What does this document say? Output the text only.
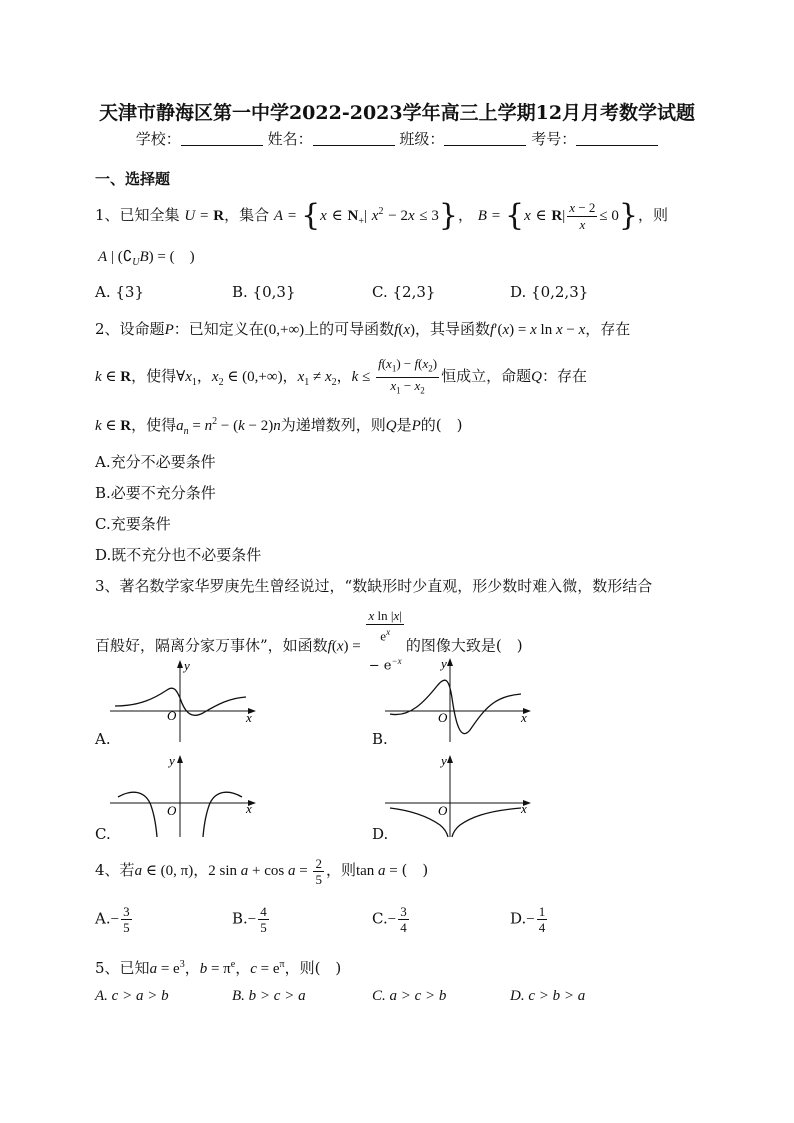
天津市静海区第一中学2022-2023学年高三上学期12月月考数学试题
学校：	姓名：	班级：	考号：
一、选择题
1、已知全集 U = R，集合 A = {x ∈ $N_+|$ $x^2 - 2x \le 3$}， B = {x ∈ $R| \frac{x - 2}{x} \le 0$}，则
A | $(∁_UB)$ = (　)
A. {3}	B. {0,3}	C. {2,3}	D. {0,2,3}
2、设命题P：已知定义在(0,+∞)上的可导函数f(x)，其导函数f′(x) = x ln x − x，存在
k ∈ R，使得$\forall x_1$，$x_2$ ∈ (0,+∞)，$x_1 \ne x_2$，$k \le \frac{f(x_1) - f(x_2)}{x_1 - x_2}$ 恒成立，命题Q：存在
k ∈ R，使得$a_n = n^2 - (k - 2)n$为递增数列，则Q是P的(　)
A.充分不必要条件
B.必要不充分条件
C.充要条件
D.既不充分也不必要条件
3、著名数学家华罗庚先生曾经说过，“数缺形时少直观，形少数时难入微，数形结合
百般好，隔离分家万事休”，如函数f(x) =
x ln |x|
$e^x$
− $e^{-x}$的图像大致是(　)
y
x
O
A.
y
x
O
B.
y
x
O
C.
y
x
O
D.
4、若a ∈ (0, π)，2 $\sin a + \cos a = \frac{2}{5}$ ，则tan a = (　)
$A.- \frac{3}{5}$	$B.- \frac{4}{5}$	$C.- \frac{3}{4}$	$D.- \frac{1}{4}$
5、已知$a = e^3$，$b = \pi^e$，$c = e^\pi$，则(　)
A. c > a > b	B. b > c > a	C. a > c > b	D. c > b > a
